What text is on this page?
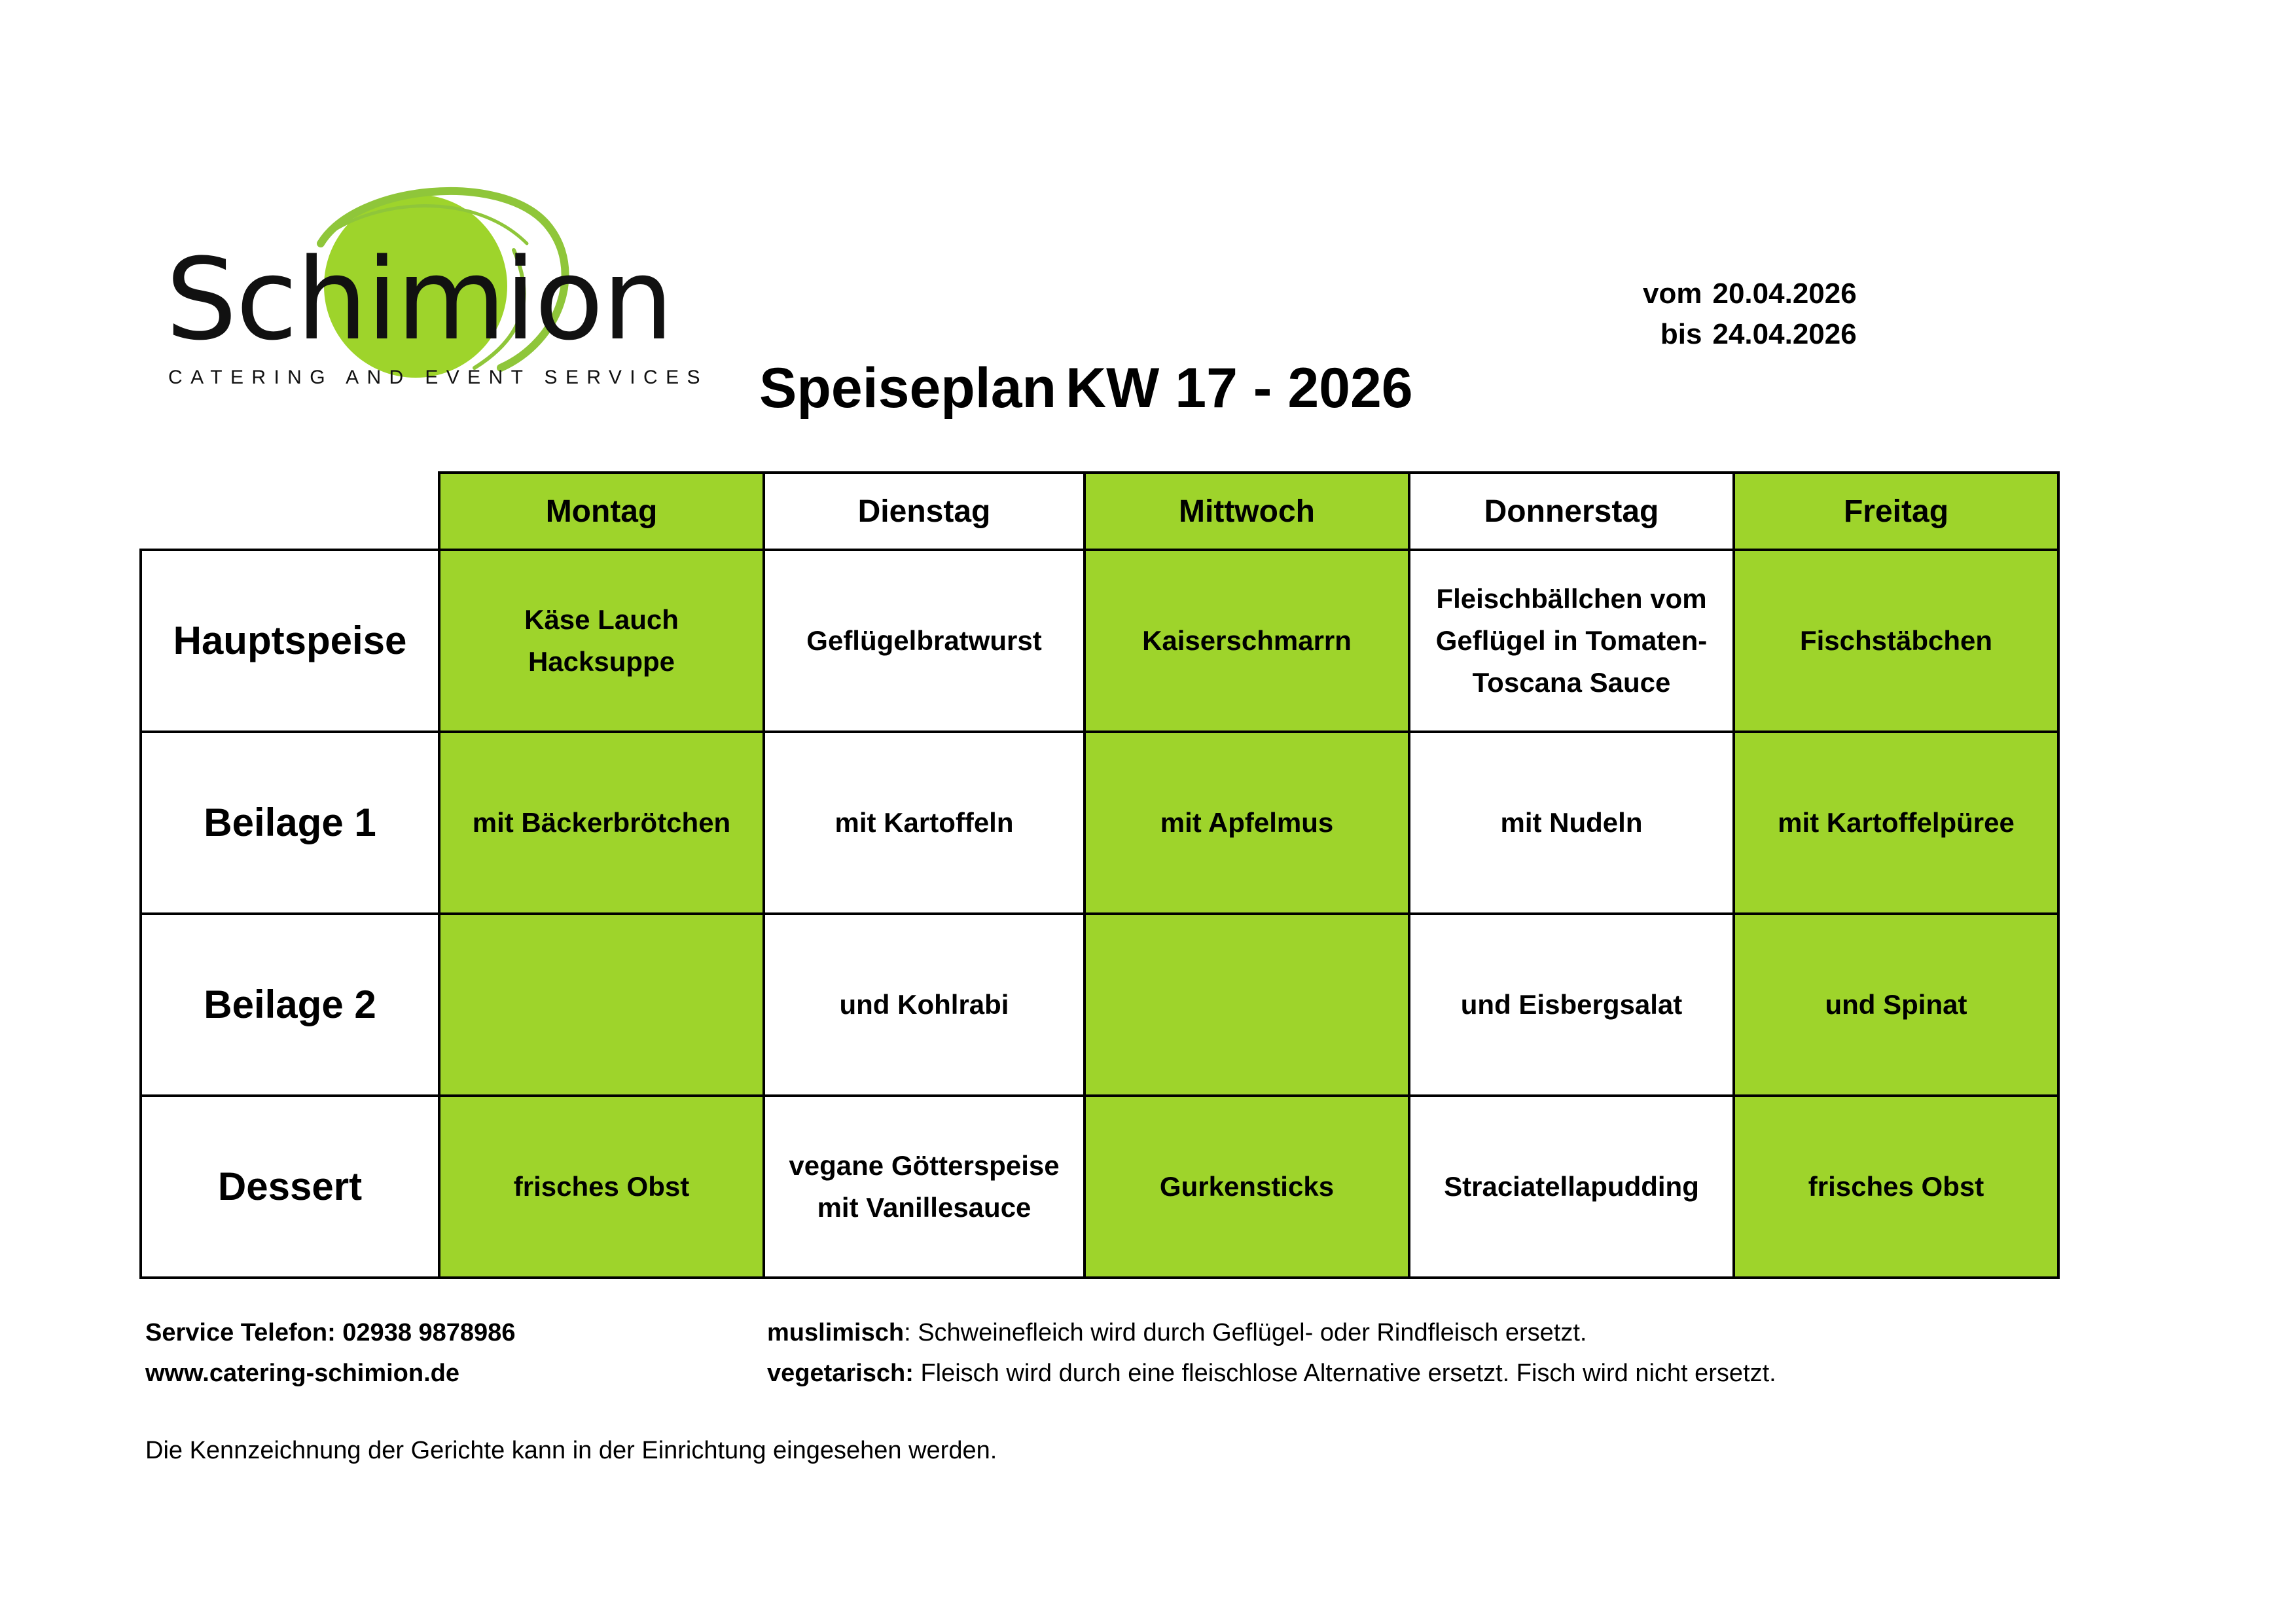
Schimion
CATERING AND EVENT SERVICES Speiseplan KW 17 - 2026
vom 20.04.2026
bis 24.04.2026
	Montag	Dienstag	Mittwoch	Donnerstag	Freitag
Hauptspeise	Käse Lauch Hacksuppe	Geflügelbratwurst	Kaiserschmarrn	Fleischbällchen vom Geflügel in Tomaten-Toscana Sauce	Fischstäbchen
Beilage 1	mit Bäckerbrötchen	mit Kartoffeln	mit Apfelmus	mit Nudeln	mit Kartoffelpüree
Beilage 2		und Kohlrabi		und Eisbergsalat	und Spinat
Dessert	frisches Obst	vegane Götterspeise mit Vanillesauce	Gurkensticks	Straciatellapudding	frisches Obst
Service Telefon: 02938 9878986
www.catering-schimion.de
muslimisch: Schweinefleich wird durch Geflügel- oder Rindfleisch ersetzt.
vegetarisch: Fleisch wird durch eine fleischlose Alternative ersetzt. Fisch wird nicht ersetzt.
Die Kennzeichnung der Gerichte kann in der Einrichtung eingesehen werden.
